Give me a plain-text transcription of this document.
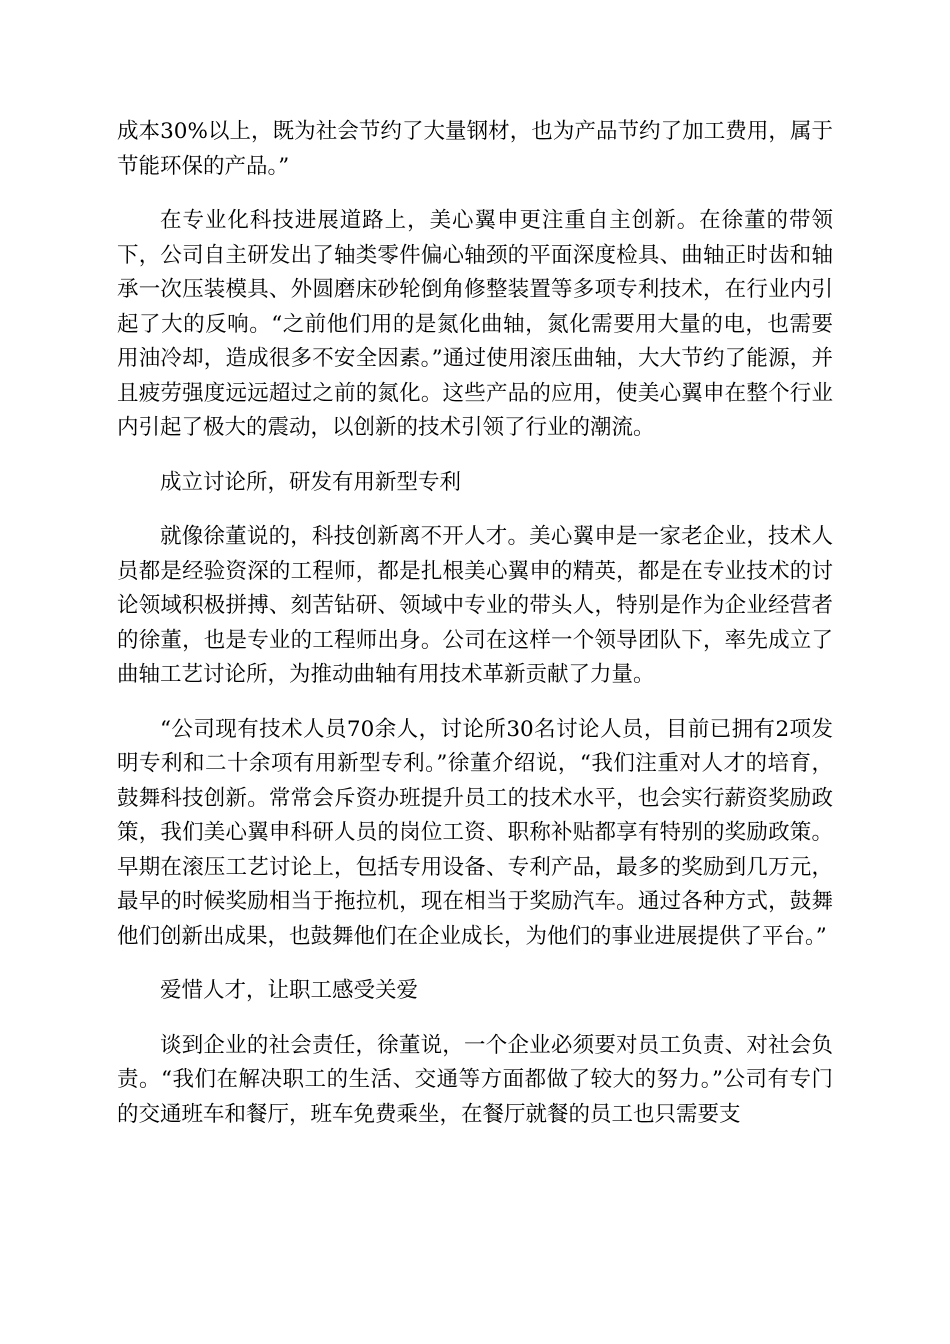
成本30%以上，既为社会节约了大量钢材，也为产品节约了加工费用，属于节能环保的产品。”

在专业化科技进展道路上，美心翼申更注重自主创新。在徐董的带领下，公司自主研发出了轴类零件偏心轴颈的平面深度检具、曲轴正时齿和轴承一次压装模具、外圆磨床砂轮倒角修整装置等多项专利技术，在行业内引起了大的反响。“之前他们用的是氮化曲轴，氮化需要用大量的电，也需要用油冷却，造成很多不安全因素。”通过使用滚压曲轴，大大节约了能源，并且疲劳强度远远超过之前的氮化。这些产品的应用，使美心翼申在整个行业内引起了极大的震动，以创新的技术引领了行业的潮流。

成立讨论所，研发有用新型专利

就像徐董说的，科技创新离不开人才。美心翼申是一家老企业，技术人员都是经验资深的工程师，都是扎根美心翼申的精英，都是在专业技术的讨论领域积极拼搏、刻苦钻研、领域中专业的带头人，特别是作为企业经营者的徐董，也是专业的工程师出身。公司在这样一个领导团队下，率先成立了曲轴工艺讨论所，为推动曲轴有用技术革新贡献了力量。

“公司现有技术人员70余人，讨论所30名讨论人员，目前已拥有2项发明专利和二十余项有用新型专利。”徐董介绍说，“我们注重对人才的培育，鼓舞科技创新。常常会斥资办班提升员工的技术水平，也会实行薪资奖励政策，我们美心翼申科研人员的岗位工资、职称补贴都享有特别的奖励政策。早期在滚压工艺讨论上，包括专用设备、专利产品，最多的奖励到几万元，最早的时候奖励相当于拖拉机，现在相当于奖励汽车。通过各种方式，鼓舞他们创新出成果，也鼓舞他们在企业成长，为他们的事业进展提供了平台。”

爱惜人才，让职工感受关爱

谈到企业的社会责任，徐董说，一个企业必须要对员工负责、对社会负责。“我们在解决职工的生活、交通等方面都做了较大的努力。”公司有专门的交通班车和餐厅，班车免费乘坐，在餐厅就餐的员工也只需要支
